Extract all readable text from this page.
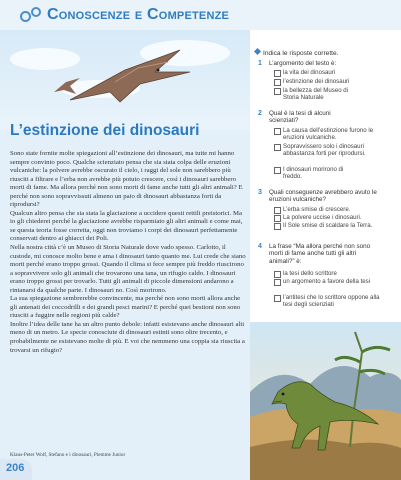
Conoscenze e Competenze
L’estinzione dei dinosauri

Sono state fornite molte spiegazioni all’estinzione dei dinosauri, ma tutte mi hanno sempre convinto poco. Qualche scienziato pensa che sia stata colpa delle eruzioni vulcaniche: la polvere avrebbe oscurato il cielo, i raggi del sole non sarebbero più riusciti a filtrare e l’erba non avrebbe più potuto crescere, così i dinosauri sarebbero morti di fame. Ma allora perché non sono morti di fame anche tutti gli altri animali? E perché non sono sopravvissuti almeno un paio di dinosauri abbastanza forti da riprodursi?

Qualcun altro pensa che sia stata la glaciazione a uccidere questi rettili preistorici. Ma io gli chiederei perché la glaciazione avrebbe risparmiato gli altri animali e come mai, se questa teoria fosse corretta, oggi non troviamo i corpi dei dinosauri perfettamente conservati dentro ai ghiacci dei Poli.

Nella nostra città c’è un Museo di Storia Naturale dove vado spesso. Carlotto, il custode, mi conosce molto bene e ama i dinosauri tanto quanto me. Lui crede che siano morti perché erano troppo grossi. Quando il clima si fece sempre più freddo riuscirono a sopravvivere solo gli animali che trovarono una tana, un rifugio caldo. I dinosauri erano troppo grossi per trovarlo. Tutti gli animali di piccole dimensioni andarono a rintanarsi da qualche parte. I dinosauri no. Così morirono.

La sua spiegazione sembrerebbe convincente, ma perché non sono morti allora anche gli antenati dei coccodrilli e dei grandi pesci marini? E perché quei bestioni non sono riusciti a fuggire nelle regioni più calde?

Inoltre l’idea delle tane ha un altro punto debole: infatti esistevano anche dinosauri alti meno di un metro. Le specie conosciute di dinosauri estinti sono oltre trecento, e probabilmente ne esistevano molte di più. E voi che nemmeno una coppia sia riuscita a trovarsi un rifugio?

Klaus-Peter Wolf, Stefano e i dinosauri, Piemme Junior
206
Indica le risposte corrette.
1 L’argomento del testo è:
la vita dei dinosauri
l’estinzione dei dinosauri
la bellezza del Museo di Storia Naturale
2 Qual è la tesi di alcuni scienziati?
La causa dell’estinzione furono le eruzioni vulcaniche.
Sopravvissero solo i dinosauri abbastanza forti per riprodursi.
I dinosauri morirono di freddo.
3 Quali conseguenze avrebbero avuto le eruzioni vulcaniche?
L’erba smise di crescere.
La polvere uccise i dinosauri.
Il Sole smise di scaldare la Terra.
4 La frase “Ma allora perché non sono morti di fame anche tutti gli altri animali?” è:
la tesi dello scrittore
un argomento a favore della tesi
l’antitesi che lo scrittore oppone alla tesi degli scienziati
